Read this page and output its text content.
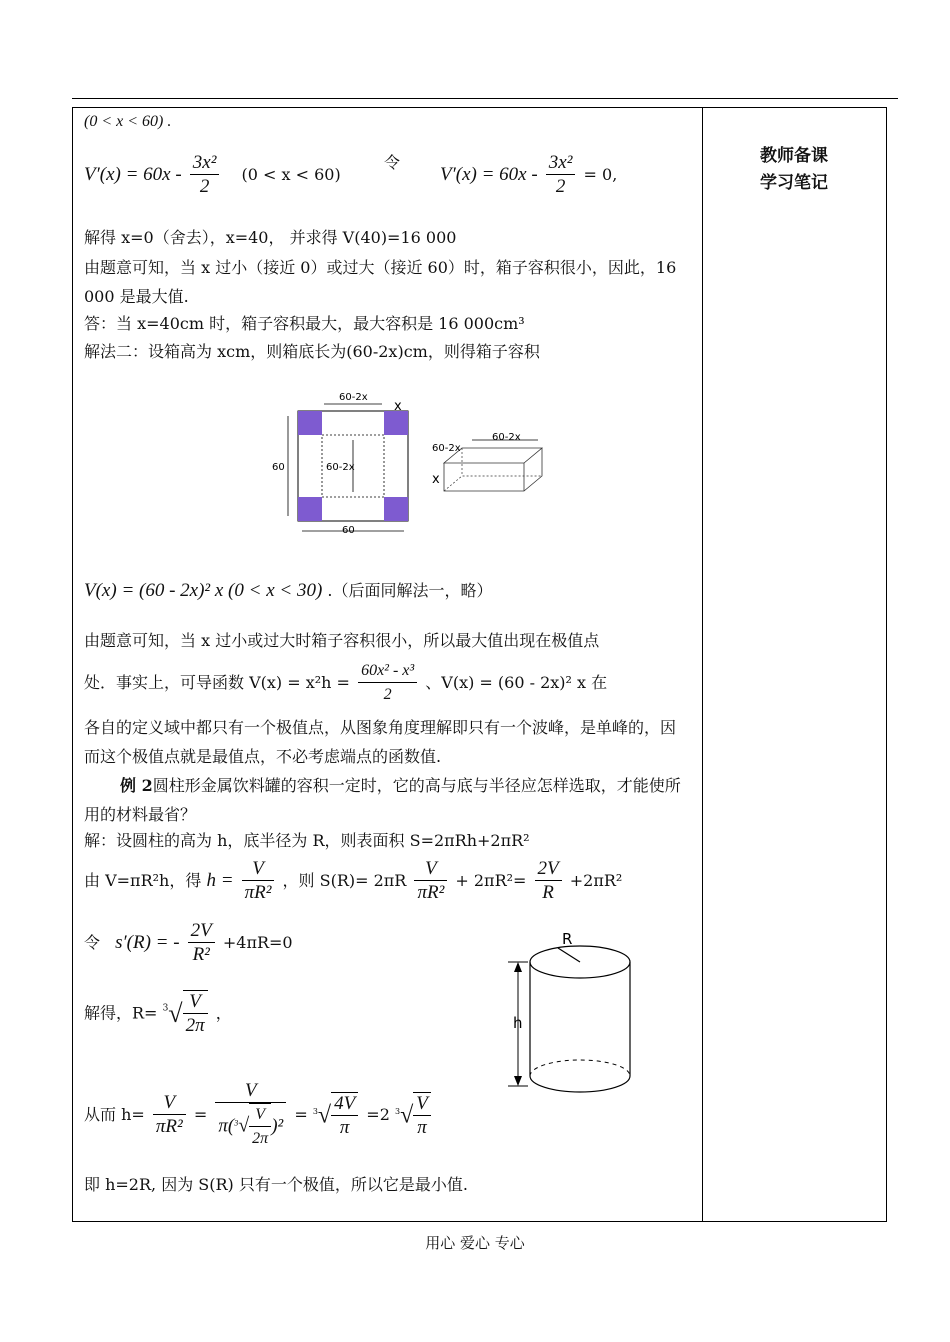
教师备课
学习笔记
(0 < x < 60) .
$V'(x) = 60x - \frac{\text{3x²}}{2} (0 < x < 60)$
令
$V'(x) = 60x - \frac{\text{3x²}}{2} = 0$,
解得 x=0（舍去），x=40， 并求得 V(40)=16 000
由题意可知，当 x 过小（接近 0）或过大（接近 60）时，箱子容积很小，因此，16 000 是最大值.
答：当 x=40cm 时，箱子容积最大，最大容积是 16 000cm³
解法二：设箱高为 xcm，则箱底长为(60-2x)cm，则得箱子容积
60-2x
x
60	60-2x
60
60-2x
60-2x
x
V(x) = (60 - 2x)² x (0 < x < 30) .（后面同解法一，略）
由题意可知，当 x 过小或过大时箱子容积很小，所以最大值出现在极值点
处．事实上，可导函数 $V(x) = x^2h = \frac{\text{60x² - x³}}{2}$ 、V(x) = (60 - 2x)² x 在
各自的定义域中都只有一个极值点，从图象角度理解即只有一个波峰，是单峰的，因而这个极值点就是最值点，不必考虑端点的函数值.
例 2圆柱形金属饮料罐的容积一定时，它的高与底与半径应怎样选取，才能使所用的材料最省？
解：设圆柱的高为 h，底半径为 R，则表面积 S=2πRh+2πR²
由 V=πR²h，得 $h = \frac{V}{\text{πR²}}$ ，则 $S(R)= 2\pi R \frac{V}{\text{πR²}} + 2\pi R^2= \frac{2V}{R} +2\pi R^2$
令 s′(R) = - $\frac{2V}{\text{R²}} +4\pi R=0$
解得，$R= ^3√ \frac{V}{2\pi}$ ，
从而 $h= \frac{V}{\text{πR²}} = \frac{V}{\pi(^3√ \frac{V}{2\pi} )^2} = ^3√ \frac{4V}{\pi} =2$ $^3√ \frac{V}{\pi}$
即 h=2R, 因为 S(R) 只有一个极值，所以它是最小值.
R
h
用心 爱心 专心
